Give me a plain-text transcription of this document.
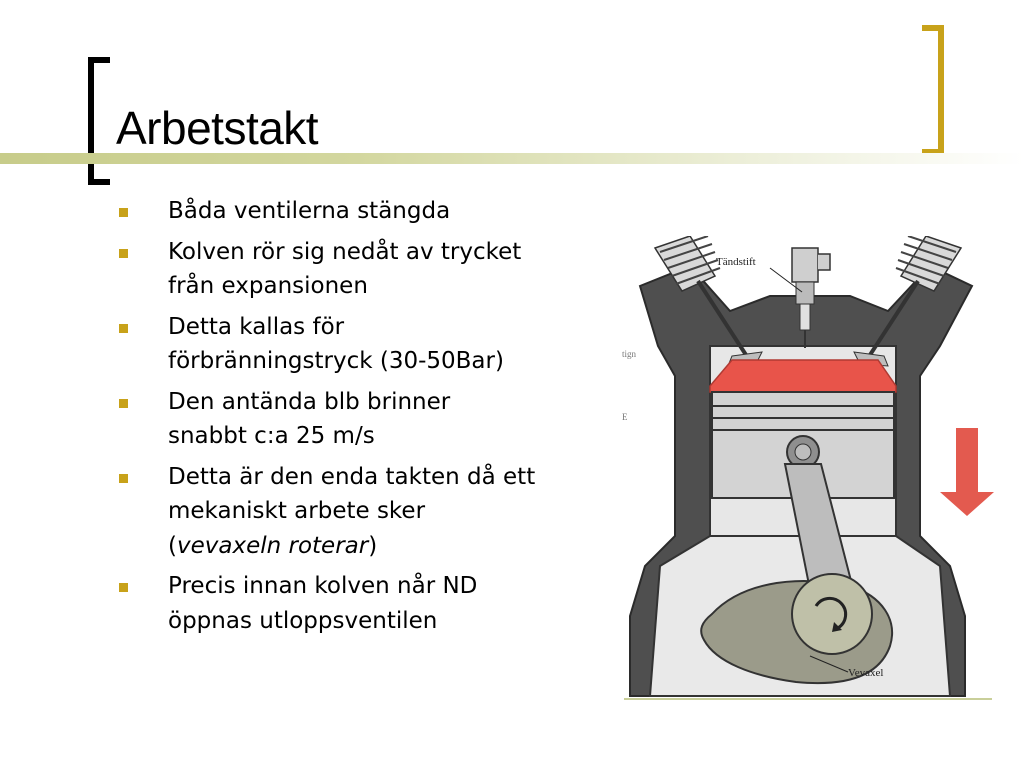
Arbetstakt
Båda ventilerna stängda
Kolven rör sig nedåt av trycket från expansionen
Detta kallas för förbränningstryck (30-50Bar)
Den antända blb brinner snabbt c:a 25 m/s
Detta är den enda takten då ett mekaniskt arbete sker (vevaxeln roterar)
Precis innan kolven når ND öppnas utloppsventilen
Tändstift
Vevaxel
tign
E
